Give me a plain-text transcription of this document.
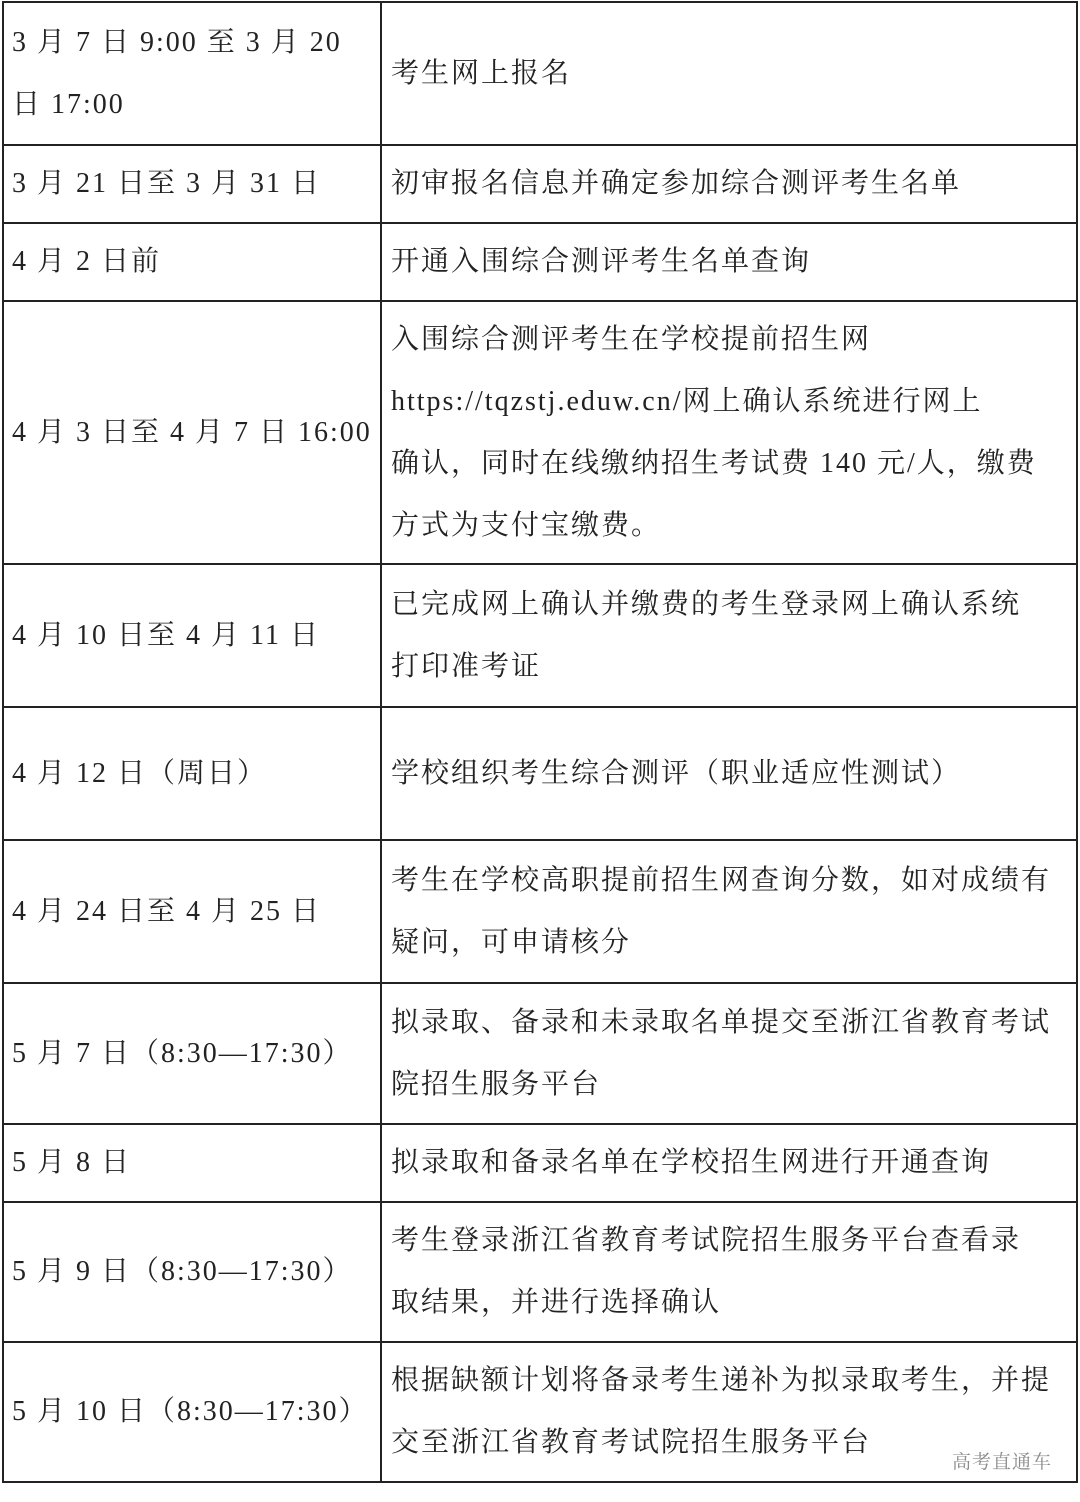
3 月 7 日 9:00 至 3 月 20
日 17:00	考生网上报名

3 月 21 日至 3 月 31 日	初审报名信息并确定参加综合测评考生名单

4 月 2 日前	开通入围综合测评考生名单查询

4 月 3 日至 4 月 7 日 16:00	入围综合测评考生在学校提前招生网
https://tqzstj.eduw.cn/网上确认系统进行网上
确认，同时在线缴纳招生考试费 140 元/人，缴费
方式为支付宝缴费。

4 月 10 日至 4 月 11 日	已完成网上确认并缴费的考生登录网上确认系统
打印准考证

4 月 12 日（周日）	学校组织考生综合测评（职业适应性测试）

4 月 24 日至 4 月 25 日	考生在学校高职提前招生网查询分数，如对成绩有
疑问，可申请核分

5 月 7 日（8:30—17:30）	拟录取、备录和未录取名单提交至浙江省教育考试
院招生服务平台

5 月 8 日	拟录取和备录名单在学校招生网进行开通查询

5 月 9 日（8:30—17:30）	考生登录浙江省教育考试院招生服务平台查看录
取结果，并进行选择确认

5 月 10 日（8:30—17:30）	根据缺额计划将备录考生递补为拟录取考生，并提
交至浙江省教育考试院招生服务平台
高考直通车
